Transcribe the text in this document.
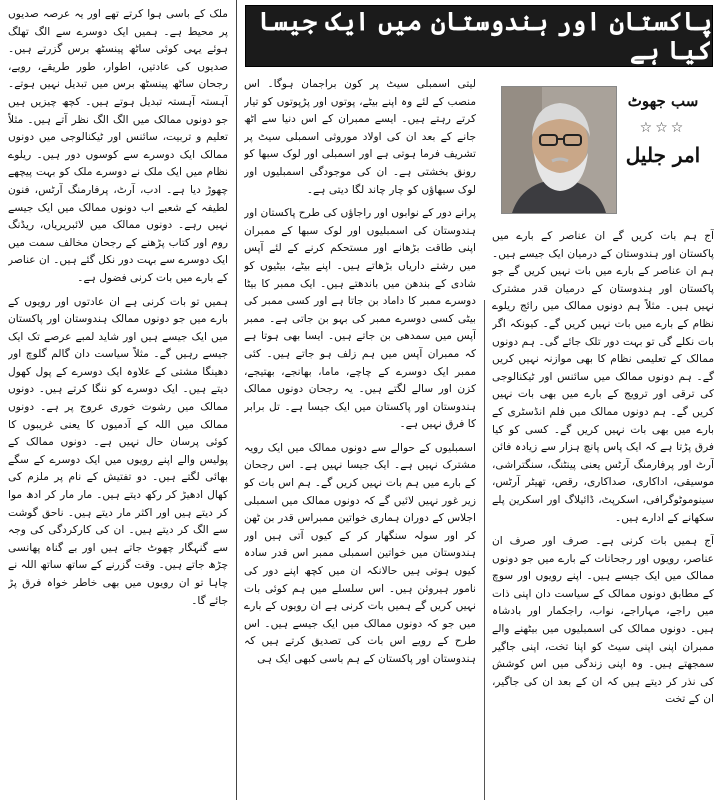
ملک کے باسی ہوا کرتے تھے اور یہ عرصہ صدیوں پر محیط ہے۔ ہمیں ایک دوسرے سے الگ تھلگ ہوئے یہی کوئی ساٹھ پینسٹھ برس گزرتے ہیں۔ صدیوں کی عادتیں، اطوار، طور طریقے، رویے، رجحان ساٹھ پینسٹھ برس میں تبدیل نہیں ہوتے۔ آہستہ آہستہ تبدیل ہوتے ہیں۔ کچھ چیزیں ہیں جو دونوں ممالک میں الگ الگ نظر آتے ہیں۔ مثلاً تعلیم و تربیت، سائنس اور ٹیکنالوجی میں دونوں ممالک ایک دوسرے سے کوسوں دور ہیں۔ ریلوے نظام میں ایک ملک نے دوسرے ملک کو بہت پیچھے چھوڑ دیا ہے۔ ادب، آرٹ، پرفارمنگ آرٹس، فنون لطیفہ کے شعبے اب دونوں ممالک میں ایک جیسے نہیں رہے۔ دونوں ممالک میں لائبریریاں، ریڈنگ روم اور کتاب پڑھنے کے رجحان مخالف سمت میں ایک دوسرے سے بہت دور نکل گئے ہیں۔ ان عناصر کے بارے میں بات کرنی فضول ہے۔

ہمیں تو بات کرنی ہے ان عادتوں اور رویوں کے بارے میں جو دونوں ممالک ہندوستان اور پاکستان میں ایک جیسے ہیں اور شاید لمبے عرصے تک ایک جیسے رہیں گے۔ مثلاً سیاست دان گالم گلوچ اور دھینگا مشتی کے علاوہ ایک دوسرے کے پول کھول دیتے ہیں۔ ایک دوسرے کو ننگا کرتے ہیں۔ دونوں ممالک میں رشوت خوری عروج پر ہے۔ دونوں ممالک میں اللہ کے آدمیوں کا یعنی غریبوں کا کوئی پرسان حال نہیں ہے۔ دونوں ممالک کے پولیس والے اپنے رویوں میں ایک دوسرے کے سگے بھائی لگتے ہیں۔ دو تفتیش کے نام پر ملزم کی کھال ادھیڑ کر رکھ دیتے ہیں۔ مار مار کر ادھ موا کر دیتے ہیں اور اکثر مار دیتے ہیں۔ ناحق گوشت سے الگ کر دیتے ہیں۔ ان کی کارکردگی کی وجہ سے گنہگار چھوٹ جاتے ہیں اور بے گناہ پھانسی چڑھ جاتے ہیں۔ وقت گزرنے کے ساتھ ساتھ اللہ نے چاہا تو ان رویوں میں بھی خاطر خواہ فرق پڑ جائے گا۔

پاکستان اور ہندوستان میں ایک جیسا کیا ہے

لیتی اسمبلی سیٹ پر کون براجمان ہوگا۔ اس منصب کے لئے وہ اپنے بیٹے، پوتوں اور پڑپوتوں کو تیار کرتے رہتے ہیں۔ ایسے ممبران کے اس دنیا سے اٹھ جانے کے بعد ان کی اولاد موروثی اسمبلی سیٹ پر تشریف فرما ہوتی ہے اور اسمبلی اور لوک سبھا کو رونق بخشتی ہے۔ ان کی موجودگی اسمبلیوں اور لوک سبھاؤں کو چار چاند لگا دیتی ہے۔

پرانے دور کے نوابوں اور راجاؤں کی طرح پاکستان اور ہندوستان کی اسمبلیوں اور لوک سبھا کے ممبران اپنی طاقت بڑھانے اور مستحکم کرنے کے لئے آپس میں رشتے داریاں بڑھاتے ہیں۔ اپنے بیٹے، بیٹیوں کو شادی کے بندھن میں باندھتے ہیں۔ ایک ممبر کا بیٹا دوسرے ممبر کا داماد بن جاتا ہے اور کسی ممبر کی بیٹی کسی دوسرے ممبر کی بہو بن جاتی ہے۔ ممبر آپس میں سمدھی بن جاتے ہیں۔ ایسا بھی ہوتا ہے کہ ممبران آپس میں ہم زلف ہو جاتے ہیں۔ کئی ممبر ایک دوسرے کے چاچے، ماما، بھانجے، بھتیجے، کزن اور سالے لگتے ہیں۔ یہ رجحان دونوں ممالک ہندوستان اور پاکستان میں ایک جیسا ہے۔ تل برابر کا فرق نہیں ہے۔

اسمبلیوں کے حوالے سے دونوں ممالک میں ایک رویہ مشترک نہیں ہے۔ ایک جیسا نہیں ہے۔ اس رجحان کے بارے میں ہم بات نہیں کریں گے۔ ہم اس بات کو زیر غور نہیں لائیں گے کہ دونوں ممالک میں اسمبلی اجلاس کے دوران ہماری خواتین ممبراس قدر بن ٹھن کر اور سولہ سنگھار کر کے کیوں آتی ہیں اور ہندوستان میں خواتین اسمبلی ممبر اس قدر سادہ کیوں ہوتی ہیں حالانکہ ان میں کچھ اپنے دور کی نامور ہیروئن ہیں۔ اس سلسلے میں ہم کوئی بات نہیں کریں گے ہمیں بات کرنی ہے ان رویوں کے بارے میں جو کہ دونوں ممالک میں ایک جیسے ہیں۔ اس طرح کے رویے اس بات کی تصدیق کرتے ہیں کہ ہندوستان اور پاکستان کے ہم باسی کبھی ایک ہی

سب جھوٹ
☆☆☆
امر جلیل

آج ہم بات کریں گے ان عناصر کے بارے میں پاکستان اور ہندوستان کے درمیان ایک جیسے ہیں۔ ہم ان عناصر کے بارے میں بات نہیں کریں گے جو پاکستان اور ہندوستان کے درمیان قدر مشترک نہیں ہیں۔ مثلاً ہم دونوں ممالک میں رائج ریلوے نظام کے بارے میں بات نہیں کریں گے۔ کیونکہ اگر بات نکلے گی تو بہت دور تلک جائے گی۔ ہم دونوں ممالک کے تعلیمی نظام کا بھی موازنہ نہیں کریں گے۔ ہم دونوں ممالک میں سائنس اور ٹیکنالوجی کی ترقی اور ترویج کے بارے میں بھی بات نہیں کریں گے۔ ہم دونوں ممالک میں فلم انڈسٹری کے بارے میں بھی بات نہیں کریں گے۔ کسی کو کیا فرق پڑتا ہے کہ ایک پاس پانچ ہزار سے زیادہ فائن آرٹ اور پرفارمنگ آرٹس یعنی پینٹنگ، سنگتراشی، موسیقی، اداکاری، صداکاری، رقص، تھیٹر آرٹس، سینوموٹوگرافی، اسکرپٹ، ڈائیلاگ اور اسکرین پلے سکھانے کے ادارے ہیں۔

آج ہمیں بات کرنی ہے۔ صرف اور صرف ان عناصر، رویوں اور رجحانات کے بارے میں جو دونوں ممالک میں ایک جیسے ہیں۔ اپنے رویوں اور سوچ کے مطابق دونوں ممالک کے سیاست دان اپنی ذات میں راجے، مہاراجے، نواب، راجکمار اور بادشاہ ہیں۔ دونوں ممالک کی اسمبلیوں میں بیٹھنے والے ممبران اپنی اپنی سیٹ کو اپنا تخت، اپنی جاگیر سمجھتے ہیں۔ وہ اپنی زندگی میں اس کوشش کی نذر کر دیتے ہیں کہ ان کے بعد ان کی جاگیر، ان کے تخت
